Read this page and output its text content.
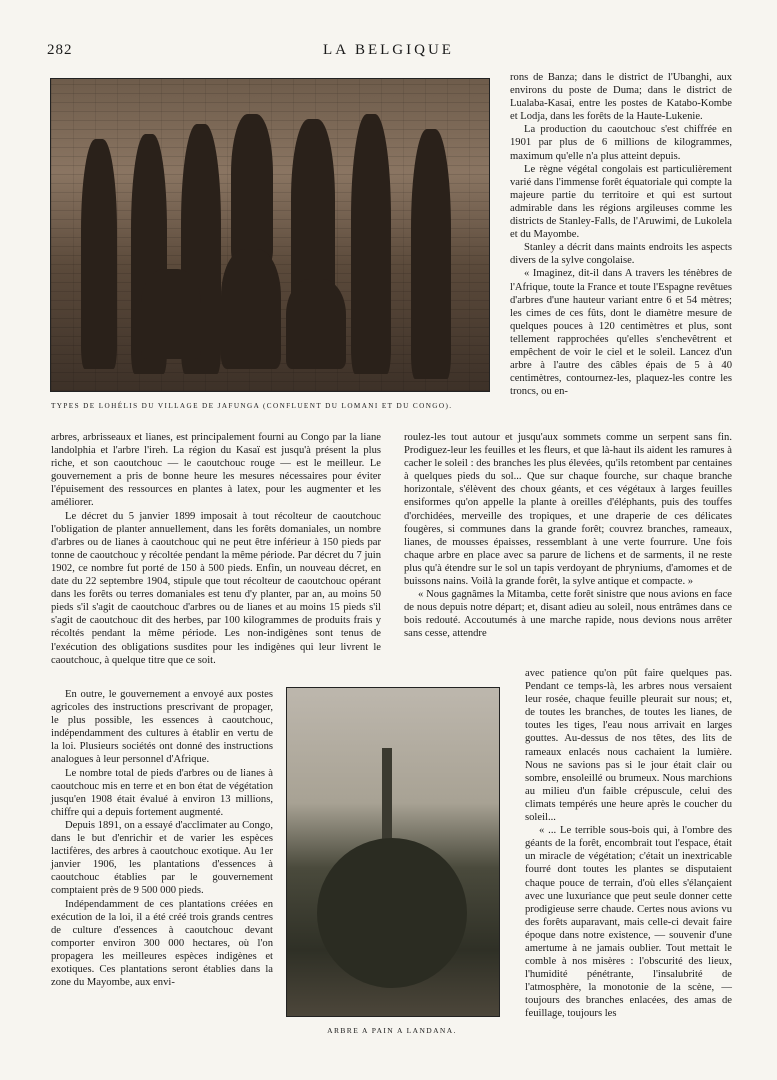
282	LA BELGIQUE
TYPES DE LOHÉLIS DU VILLAGE DE JAFUNGA (CONFLUENT DU LOMANI ET DU CONGO).

rons de Banza; dans le district de l'Ubanghi, aux environs du poste de Duma; dans le district de Lualaba-Kasai, entre les postes de Katabo-Kombe et Lodja, dans les forêts de la Haute-Lukenie.

La production du caoutchouc s'est chiffrée en 1901 par plus de 6 millions de kilogrammes, maximum qu'elle n'a plus atteint depuis.

Le règne végétal congolais est particulièrement varié dans l'immense forêt équatoriale qui compte la majeure partie du territoire et qui est surtout admirable dans les régions argileuses comme les districts de Stanley-Falls, de l'Aruwimi, de Lukolela et du Mayombe.

Stanley a décrit dans maints endroits les aspects divers de la sylve congolaise.

« Imaginez, dit-il dans A travers les ténèbres de l'Afrique, toute la France et toute l'Espagne revêtues d'arbres d'une hauteur variant entre 6 et 54 mètres; les cimes de ces fûts, dont le diamètre mesure de quelques pouces à 120 centimètres et plus, sont tellement rapprochées qu'elles s'enchevêtrent et empêchent de voir le ciel et le soleil. Lancez d'un arbre à l'autre des câbles épais de 5 à 40 centimètres, contournez-les, plaquez-les contre les troncs, ou en-

arbres, arbrisseaux et lianes, est principalement fourni au Congo par la liane landolphia et l'arbre l'ireh. La région du Kasaï est jusqu'à présent la plus riche, et son caoutchouc — le caoutchouc rouge — est le meilleur. Le gouvernement a pris de bonne heure les mesures nécessaires pour éviter l'épuisement des ressources en plantes à latex, pour les augmenter et les améliorer.

Le décret du 5 janvier 1899 imposait à tout récolteur de caoutchouc l'obligation de planter annuellement, dans les forêts domaniales, un nombre d'arbres ou de lianes à caoutchouc qui ne peut être inférieur à 150 pieds par tonne de caoutchouc y récoltée pendant la même période. Par décret du 7 juin 1902, ce nombre fut porté de 150 à 500 pieds. Enfin, un nouveau décret, en date du 22 septembre 1904, stipule que tout récolteur de caoutchouc opérant dans les forêts ou terres domaniales est tenu d'y planter, par an, au moins 50 pieds s'il s'agit de caoutchouc d'arbres ou de lianes et au moins 15 pieds s'il s'agit de caoutchouc dit des herbes, par 100 kilogrammes de produits frais y récoltés pendant la même période. Les non-indigènes sont tenus de l'exécution des obligations susdites pour les indigènes qui leur livrent le caoutchouc, à quelque titre que ce soit.

En outre, le gouvernement a envoyé aux postes agricoles des instructions prescrivant de propager, le plus possible, les essences à caoutchouc, indépendamment des cultures à établir en vertu de la loi. Plusieurs sociétés ont donné des instructions analogues à leur personnel d'Afrique.

Le nombre total de pieds d'arbres ou de lianes à caoutchouc mis en terre et en bon état de végétation jusqu'en 1908 était évalué à environ 13 millions, chiffre qui a depuis fortement augmenté.

Depuis 1891, on a essayé d'acclimater au Congo, dans le but d'enrichir et de varier les espèces lactifères, des arbres à caoutchouc exotique. Au 1er janvier 1906, les plantations d'essences à caoutchouc établies par le gouvernement comptaient près de 9 500 000 pieds.

Indépendamment de ces plantations créées en exécution de la loi, il a été créé trois grands centres de culture d'essences à caoutchouc devant comporter environ 300 000 hectares, où l'on propagera les meilleures espèces indigènes et exotiques. Ces plantations seront établies dans la zone du Mayombe, aux envi-

roulez-les tout autour et jusqu'aux sommets comme un serpent sans fin. Prodiguez-leur les feuilles et les fleurs, et que là-haut ils aident les ramures à cacher le soleil : des branches les plus élevées, qu'ils retombent par centaines à quelques pieds du sol... Que sur chaque fourche, sur chaque branche horizontale, s'élèvent des choux géants, et ces végétaux à larges feuilles ensiformes qu'on appelle la plante à oreilles d'éléphants, puis des touffes d'orchidées, merveille des tropiques, et une draperie de ces délicates fougères, si communes dans la grande forêt; couvrez branches, rameaux, lianes, de mousses épaisses, ressemblant à une verte fourrure. Une fois chaque arbre en place avec sa parure de lichens et de sarments, il ne reste plus qu'à étendre sur le sol un tapis verdoyant de phryniums, d'amomes et de buissons nains. Voilà la grande forêt, la sylve antique et compacte. »

« Nous gagnâmes la Mitamba, cette forêt sinistre que nous avions en face de nous depuis notre départ; et, disant adieu au soleil, nous entrâmes dans ce bois redouté. Accoutumés à une marche rapide, nous devions nous arrêter sans cesse, attendre

ARBRE A PAIN A LANDANA.

avec patience qu'on pût faire quelques pas. Pendant ce temps-là, les arbres nous versaient leur rosée, chaque feuille pleurait sur nous; et, de toutes les branches, de toutes les lianes, de toutes les tiges, l'eau nous arrivait en larges gouttes. Au-dessus de nos têtes, des lits de rameaux enlacés nous cachaient la lumière. Nous ne savions pas si le jour était clair ou sombre, ensoleillé ou brumeux. Nous marchions au milieu d'un faible crépuscule, celui des climats tempérés une heure après le coucher du soleil...

« ... Le terrible sous-bois qui, à l'ombre des géants de la forêt, encombrait tout l'espace, était un miracle de végétation; c'était un inextricable fourré dont toutes les plantes se disputaient chaque pouce de terrain, d'où elles s'élançaient avec une luxuriance que peut seule donner cette prodigieuse serre chaude. Certes nous avions vu des forêts auparavant, mais celle-ci devait faire époque dans notre existence, — souvenir d'une amertume à ne jamais oublier. Tout mettait le comble à nos misères : l'obscurité des lieux, l'humidité pénétrante, l'insalubrité de l'atmosphère, la monotonie de la scène, — toujours des branches enlacées, des amas de feuillage, toujours les
